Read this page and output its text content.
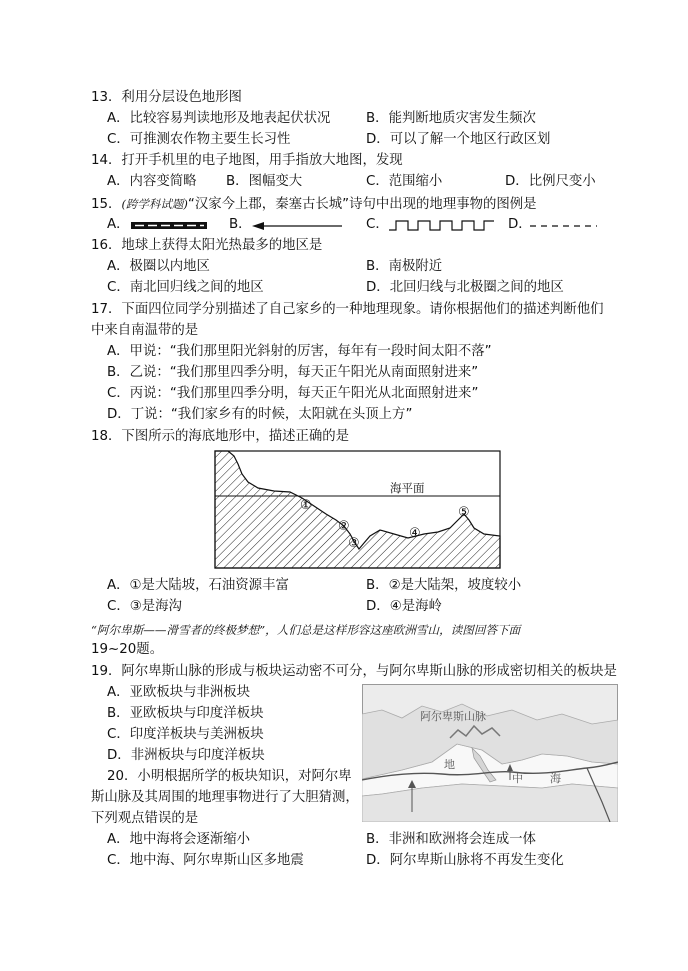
13．利用分层设色地形图
A．比较容易判读地形及地表起伏状况	B．能判断地质灾害发生频次
C．可推测农作物主要生长习性	D．可以了解一个地区行政区划
14．打开手机里的电子地图，用手指放大地图，发现
A．内容变简略 B．图幅变大	C．范围缩小	D．比例尺变小
15．(跨学科试题)“汉家今上郡，秦塞古长城”诗句中出现的地理事物的图例是
A．	B．	C．	D．
16．地球上获得太阳光热最多的地区是
A．极圈以内地区	B．南极附近
C．南北回归线之间的地区	D．北回归线与北极圈之间的地区
17．下面四位同学分别描述了自己家乡的一种地理现象。请你根据他们的描述判断他们
中来自南温带的是
A．甲说：“我们那里阳光斜射的厉害，每年有一段时间太阳不落”
B．乙说：“我们那里四季分明，每天正午阳光从南面照射进来”
C．丙说：“我们那里四季分明，每天正午阳光从北面照射进来”
D．丁说：“我们家乡有的时候，太阳就在头顶上方”
18．下图所示的海底地形中，描述正确的是
海平面
①
②
③
④
⑤
A．①是大陆坡，石油资源丰富	B．②是大陆架，坡度较小
C．③是海沟	D．④是海岭
“阿尔卑斯——滑雪者的终极梦想”，人们总是这样形容这座欧洲雪山，读图回答下面
19~20题。
19．阿尔卑斯山脉的形成与板块运动密不可分，与阿尔卑斯山脉的形成密切相关的板块是
A．亚欧板块与非洲板块
B．亚欧板块与印度洋板块
C．印度洋板块与美洲板块
D．非洲板块与印度洋板块
阿尔卑斯山脉
地
中 海
20．小明根据所学的板块知识，对阿尔卑
斯山脉及其周围的地理事物进行了大胆猜测，
下列观点错误的是
A．地中海将会逐渐缩小	B．非洲和欧洲将会连成一体
C．地中海、阿尔卑斯山区多地震	D．阿尔卑斯山脉将不再发生变化
